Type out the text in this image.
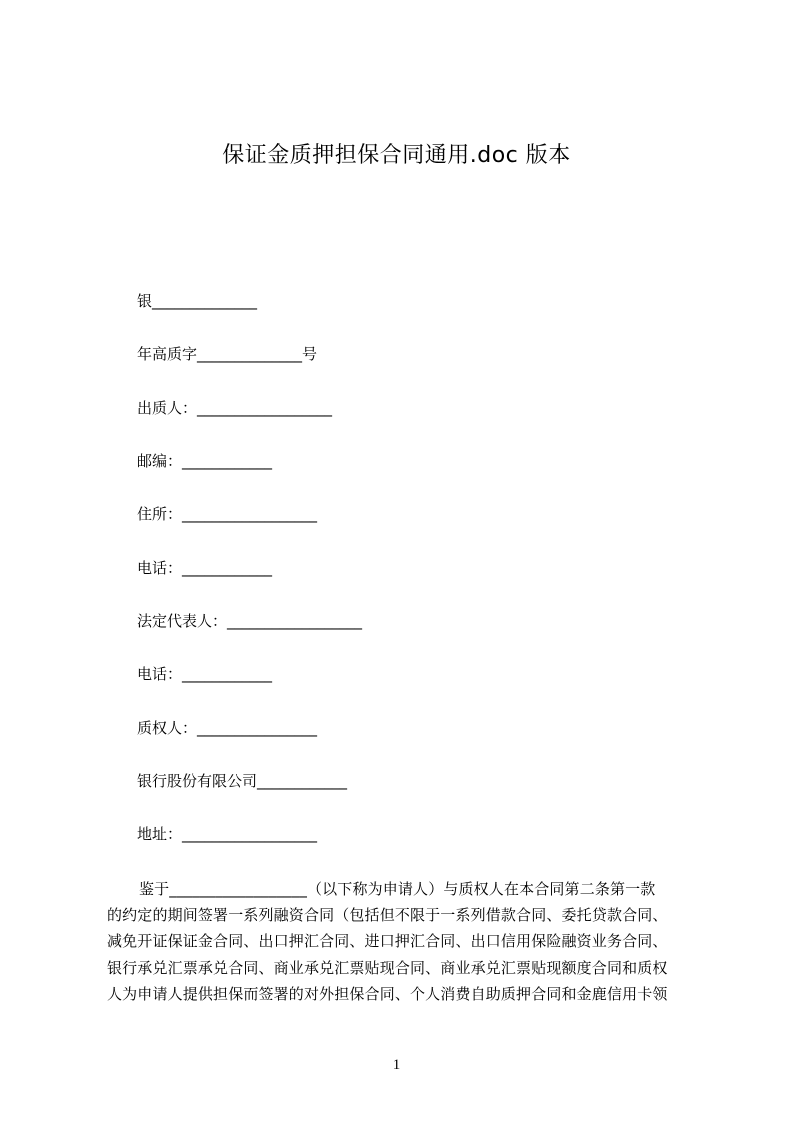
保证金质押担保合同通用.doc 版本
银______________
年高质字______________号
出质人：__________________
邮编：____________
住所：__________________
电话：____________
法定代表人：__________________
电话：____________
质权人：________________
银行股份有限公司____________
地址：__________________
鉴于__________________（以下称为申请人）与质权人在本合同第二条第一款
的约定的期间签署一系列融资合同（包括但不限于一系列借款合同、委托贷款合同、
减免开证保证金合同、出口押汇合同、进口押汇合同、出口信用保险融资业务合同、
银行承兑汇票承兑合同、商业承兑汇票贴现合同、商业承兑汇票贴现额度合同和质权
人为申请人提供担保而签署的对外担保合同、个人消费自助质押合同和金鹿信用卡领
1
